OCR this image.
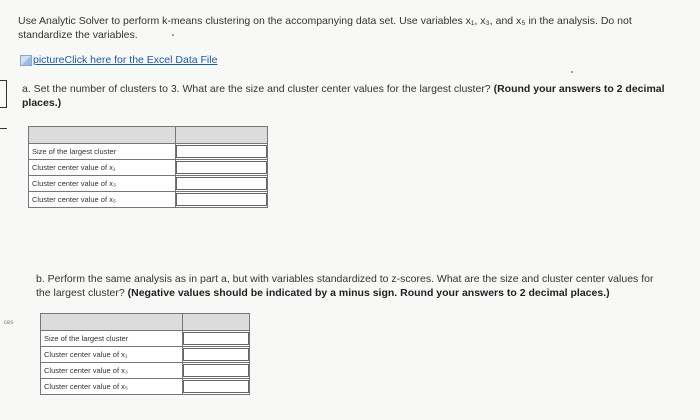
Use Analytic Solver to perform k-means clustering on the accompanying data set. Use variables x₁, x₃, and x₅ in the analysis. Do not
standardize the variables.
picture Click here for the Excel Data File
a. Set the number of clusters to 3. What are the size and cluster center values for the largest cluster? (Round your answers to 2 decimal places.)

Size of the largest cluster	
Cluster center value of x₁	
Cluster center value of x₃	
Cluster center value of x₅	
b. Perform the same analysis as in part a, but with variables standardized to z-scores. What are the size and cluster center values for the largest cluster? (Negative values should be indicated by a minus sign. Round your answers to 2 decimal places.)
ces

Size of the largest cluster	
Cluster center value of x₁	
Cluster center value of x₃	
Cluster center value of x₅	
